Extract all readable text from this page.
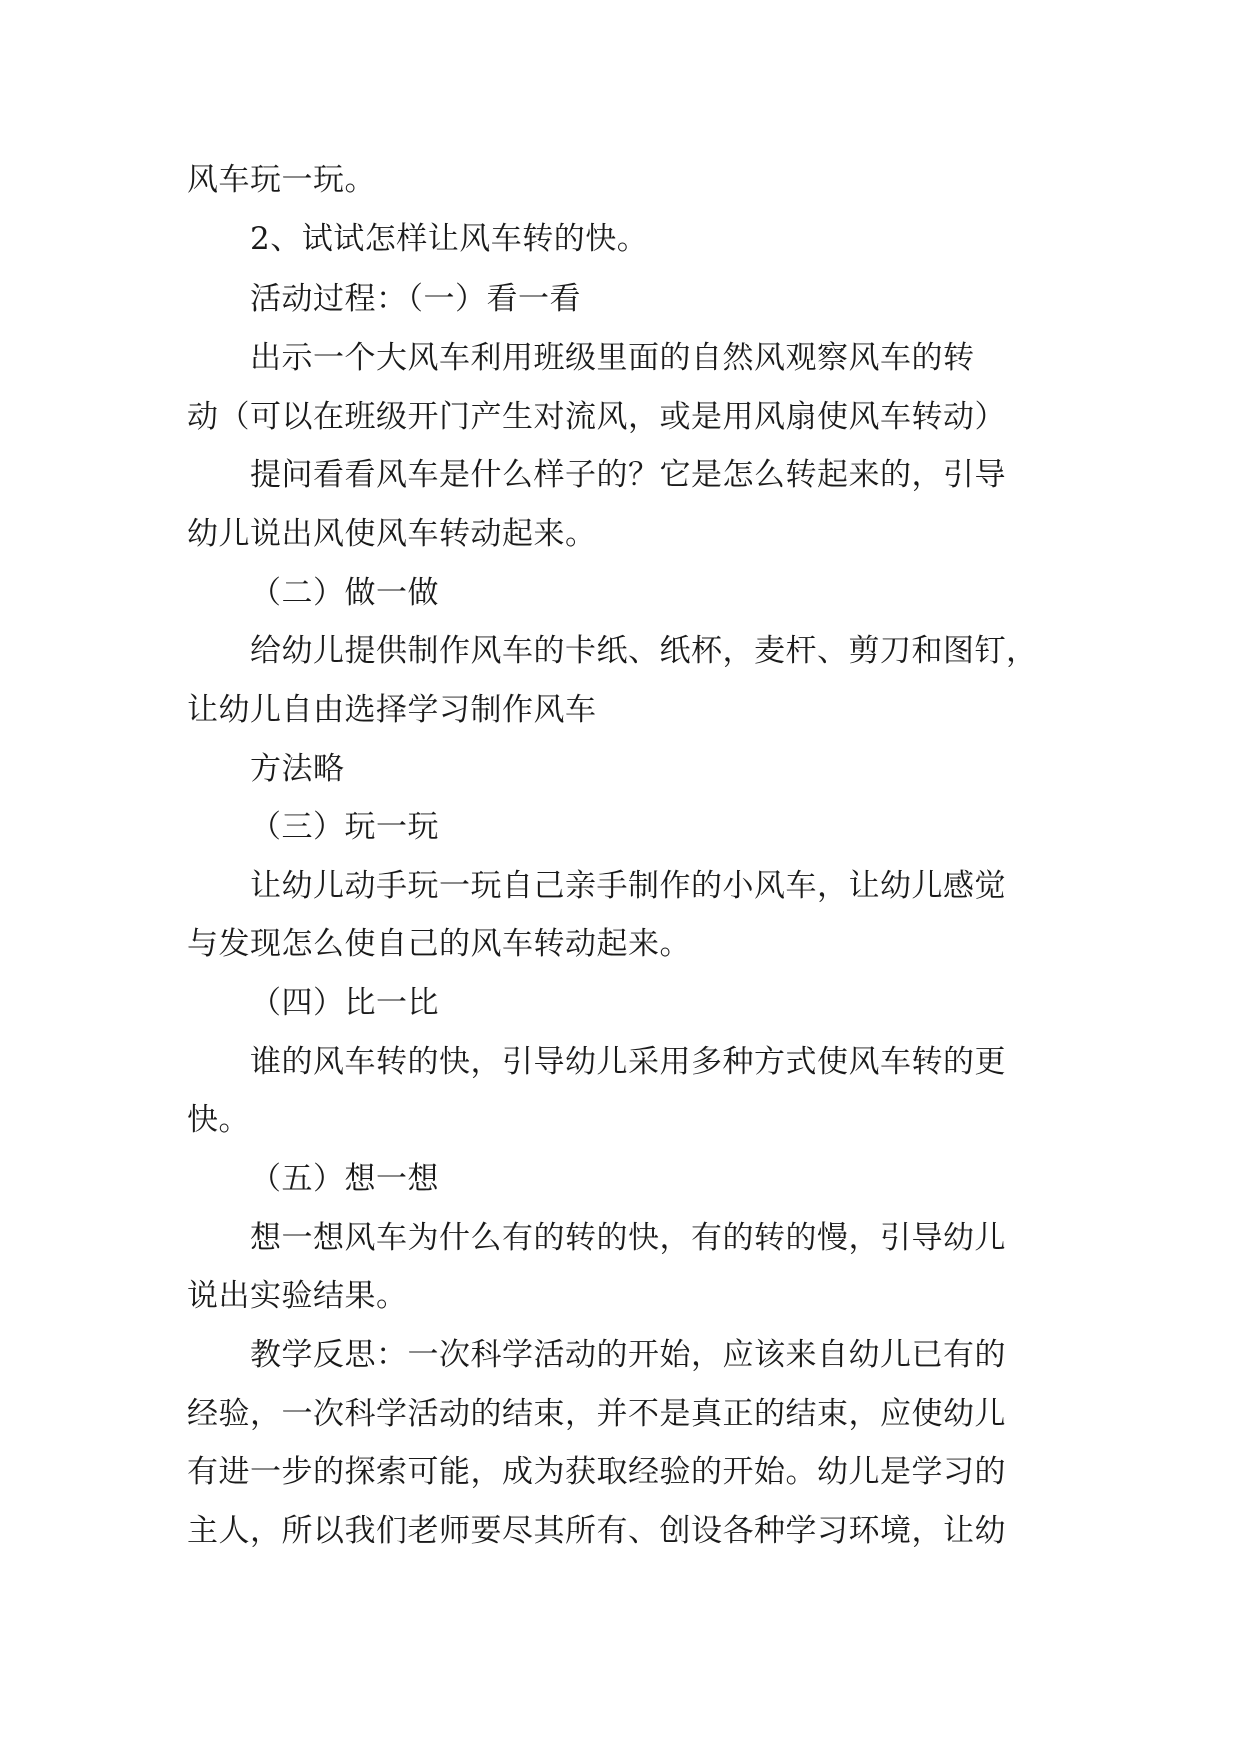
风车玩一玩。
2、试试怎样让风车转的快。
活动过程：（一）看一看
出示一个大风车利用班级里面的自然风观察风车的转
动（可以在班级开门产生对流风，或是用风扇使风车转动）
提问看看风车是什么样子的？它是怎么转起来的，引导
幼儿说出风使风车转动起来。
（二）做一做
给幼儿提供制作风车的卡纸、纸杯，麦杆、剪刀和图钉，
让幼儿自由选择学习制作风车
方法略
（三）玩一玩
让幼儿动手玩一玩自己亲手制作的小风车，让幼儿感觉
与发现怎么使自己的风车转动起来。
（四）比一比
谁的风车转的快，引导幼儿采用多种方式使风车转的更
快。
（五）想一想
想一想风车为什么有的转的快，有的转的慢，引导幼儿
说出实验结果。
教学反思：一次科学活动的开始，应该来自幼儿已有的
经验，一次科学活动的结束，并不是真正的结束，应使幼儿
有进一步的探索可能，成为获取经验的开始。幼儿是学习的
主人，所以我们老师要尽其所有、创设各种学习环境，让幼
